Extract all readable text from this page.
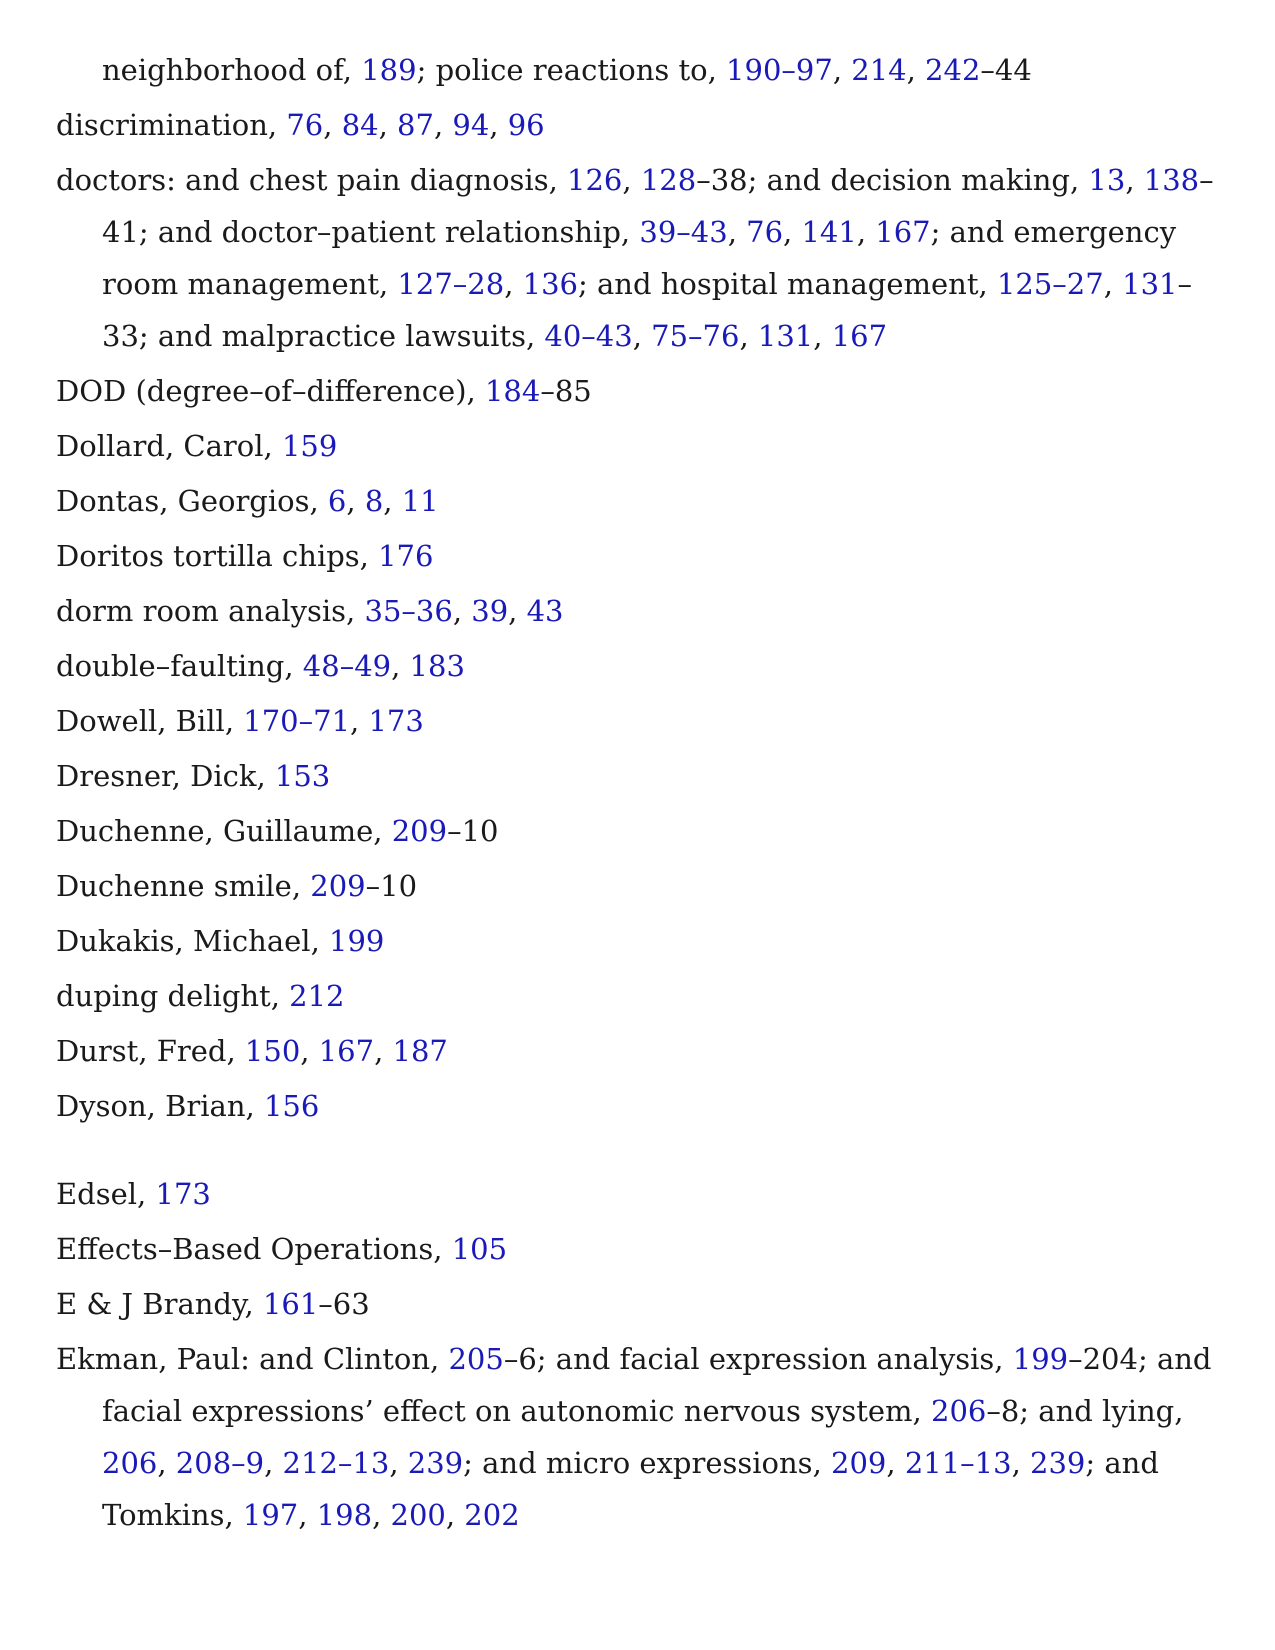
neighborhood of, 189; police reactions to, 190–97, 214, 242–44

discrimination, 76, 84, 87, 94, 96

doctors: and chest pain diagnosis, 126, 128–38; and decision making, 13, 138–41; and doctor–patient relationship, 39–43, 76, 141, 167; and emergency room management, 127–28, 136; and hospital management, 125–27, 131–33; and malpractice lawsuits, 40–43, 75–76, 131, 167

DOD (degree–of–difference), 184–85

Dollard, Carol, 159

Dontas, Georgios, 6, 8, 11

Doritos tortilla chips, 176

dorm room analysis, 35–36, 39, 43

double–faulting, 48–49, 183

Dowell, Bill, 170–71, 173

Dresner, Dick, 153

Duchenne, Guillaume, 209–10

Duchenne smile, 209–10

Dukakis, Michael, 199

duping delight, 212

Durst, Fred, 150, 167, 187

Dyson, Brian, 156

Edsel, 173

Effects–Based Operations, 105

E & J Brandy, 161–63

Ekman, Paul: and Clinton, 205–6; and facial expression analysis, 199–204; and facial expressions’ effect on autonomic nervous system, 206–8; and lying, 206, 208–9, 212–13, 239; and micro expressions, 209, 211–13, 239; and Tomkins, 197, 198, 200, 202
